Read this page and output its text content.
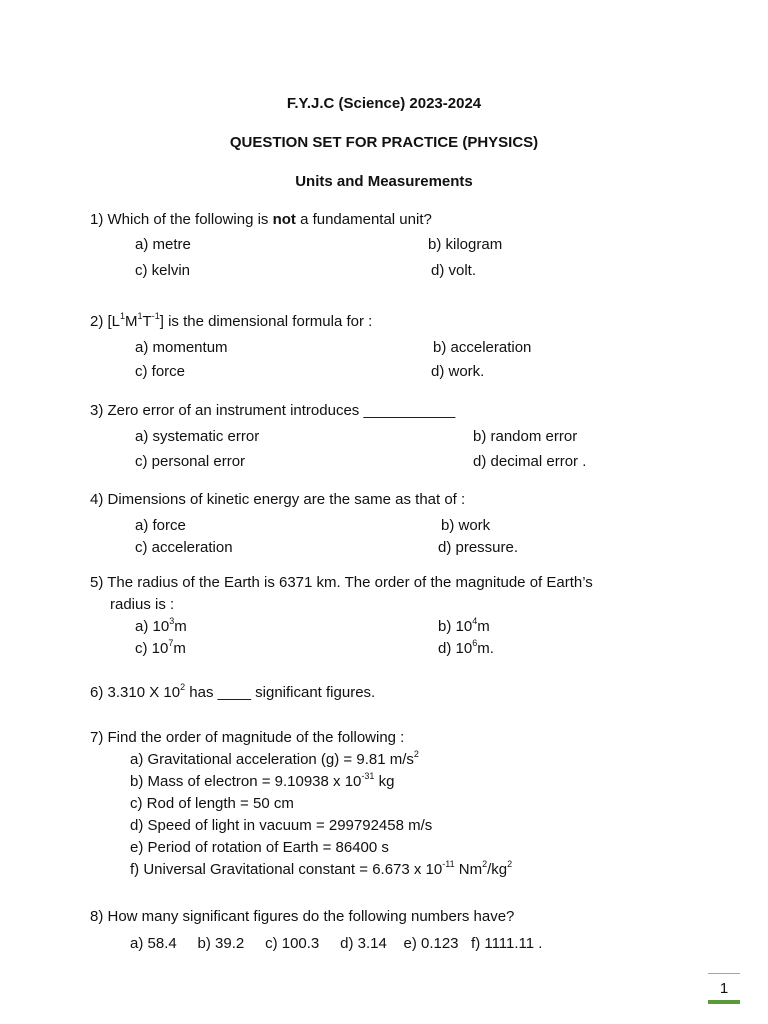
F.Y.J.C (Science) 2023-2024
QUESTION SET FOR PRACTICE (PHYSICS)
Units and Measurements
1) Which of the following is not a fundamental unit?
a) metre	b) kilogram
c) kelvin	d) volt.
2) $[L^1M^1T^{-1}]$ is the dimensional formula for :
a) momentum	b) acceleration
c) force	d) work.
3) Zero error of an instrument introduces ___________
a) systematic error	b) random error
c) personal error	d) decimal error .
4) Dimensions of kinetic energy are the same as that of :
a) force	b) work
c) acceleration	d) pressure.
5) The radius of the Earth is 6371 km. The order of the magnitude of Earth’s
radius is :
a) $10^3m$	b) $10^4m$
c) $10^7m$	d) $10^6m$.
6) 3.310 X $10^2$ has ____ significant figures.
7) Find the order of magnitude of the following :
a) Gravitational acceleration (g) = 9.81 $m/s^2$
b) Mass of electron = 9.10938 x $10^{-31}$ kg
c) Rod of length = 50 cm
d) Speed of light in vacuum = 299792458 m/s
e) Period of rotation of Earth = 86400 s
f) Universal Gravitational constant = 6.673 x $10^{-11}$ $Nm^2/kg^2$
8) How many significant figures do the following numbers have?
a) 58.4     b) 39.2     c) 100.3     d) 3.14    e) 0.123   f) 1111.11 .
1
